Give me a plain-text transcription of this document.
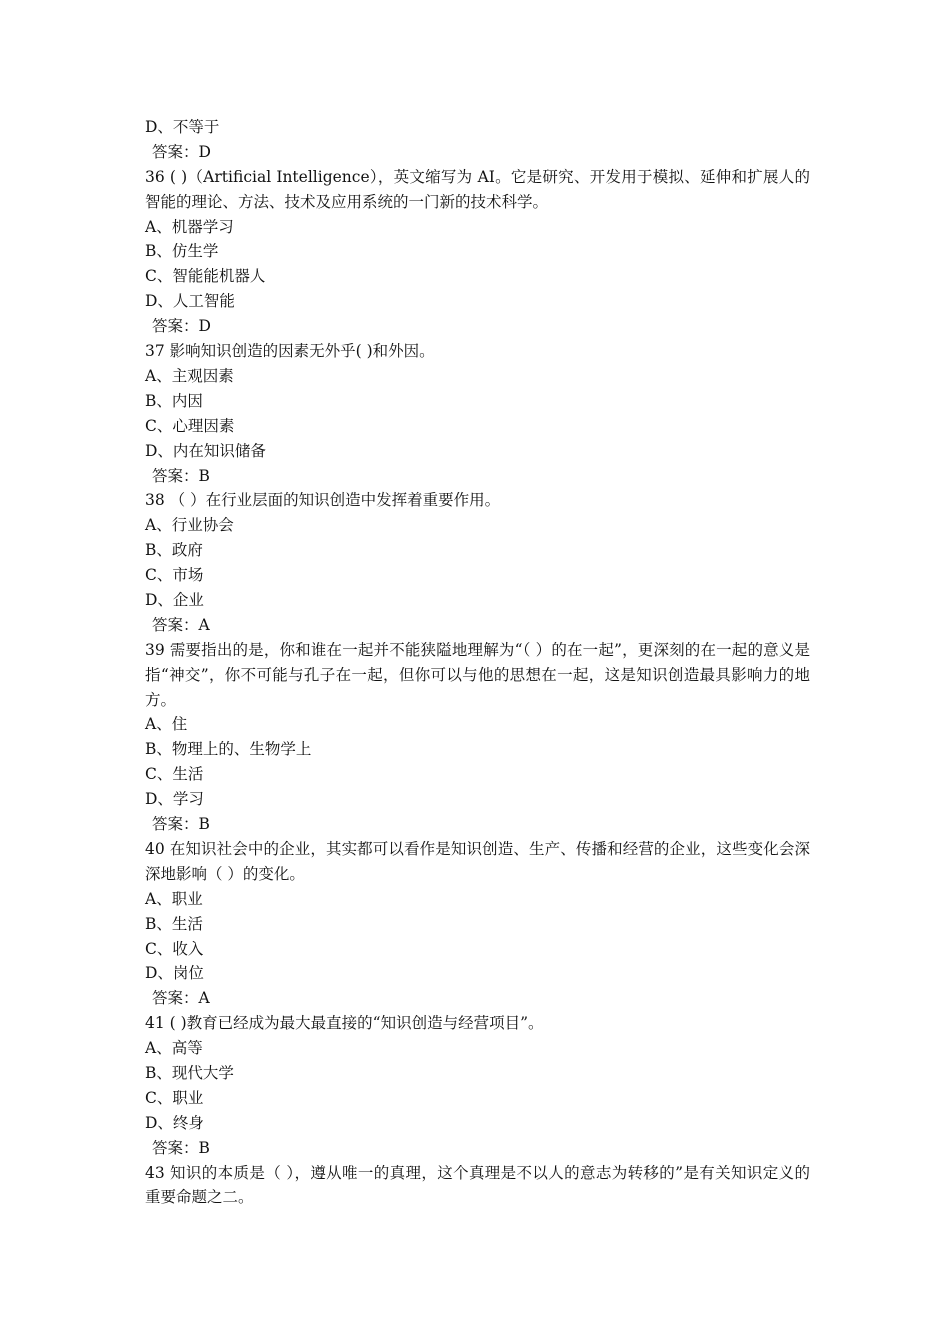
D、不等于
答案：D
36 ( )（Artificial Intelligence），英文缩写为 AI。它是研究、开发用于模拟、延伸和扩展人的智能的理论、方法、技术及应用系统的一门新的技术科学。
A、机器学习
B、仿生学
C、智能能机器人
D、人工智能
答案：D
37 影响知识创造的因素无外乎( )和外因。
A、主观因素
B、内因
C、心理因素
D、内在知识储备
答案：B
38 （ ）在行业层面的知识创造中发挥着重要作用。
A、行业协会
B、政府
C、市场
D、企业
答案：A
39 需要指出的是，你和谁在一起并不能狭隘地理解为“（ ）的在一起”，更深刻的在一起的意义是指“神交”，你不可能与孔子在一起，但你可以与他的思想在一起，这是知识创造最具影响力的地方。
A、住
B、物理上的、生物学上
C、生活
D、学习
答案：B
40 在知识社会中的企业，其实都可以看作是知识创造、生产、传播和经营的企业，这些变化会深深地影响（ ）的变化。
A、职业
B、生活
C、收入
D、岗位
答案：A
41 ( )教育已经成为最大最直接的“知识创造与经营项目”。
A、高等
B、现代大学
C、职业
D、终身
答案：B
43 知识的本质是（ ），遵从唯一的真理，这个真理是不以人的意志为转移的”是有关知识定义的重要命题之二。
